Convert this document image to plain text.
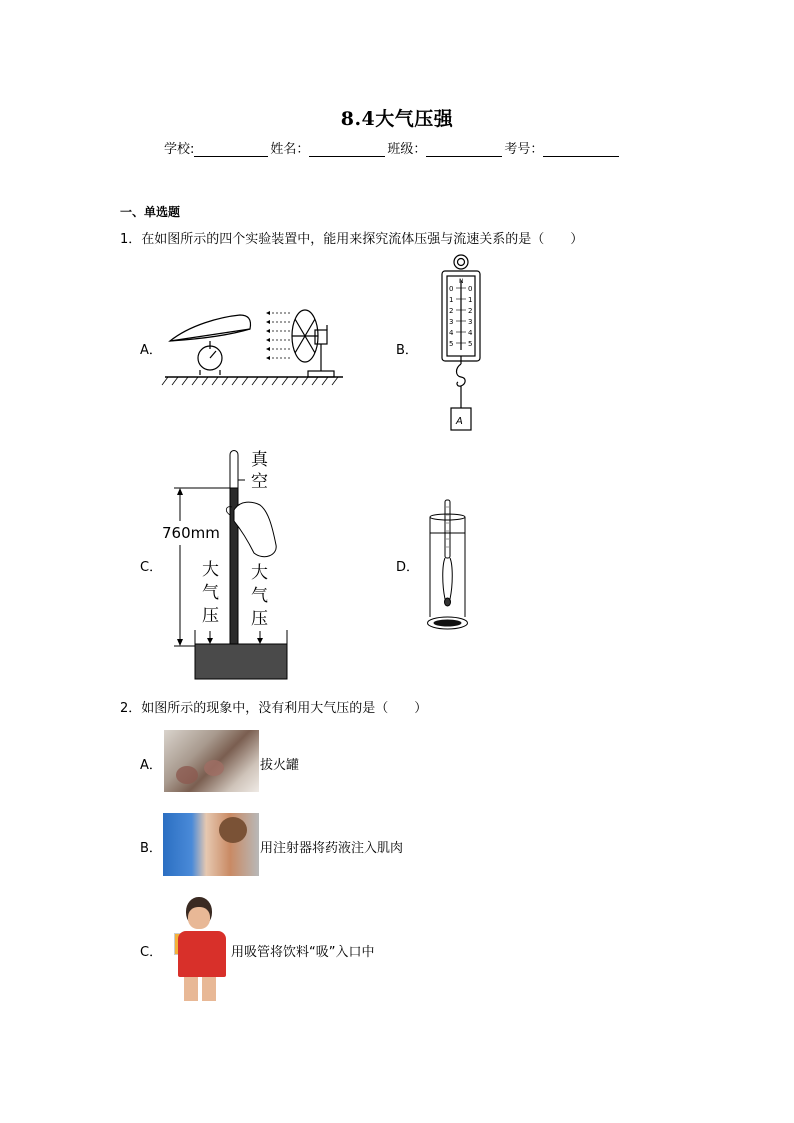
8.4大气压强
学校:	姓名：	班级：	考号：
一、单选题
1．在如图所示的四个实验装置中，能用来探究流体压强与流速关系的是（　　）
A．	B．
C．	D．
N
0
1
2
3
4
5
0
1
2
3
4
5
A
真
空
760mm
大
气
压
大
气
压
2．如图所示的现象中，没有利用大气压的是（　　）
A．	拔火罐
B．	用注射器将药液注入肌肉
C．	用吸管将饮料“吸”入口中
